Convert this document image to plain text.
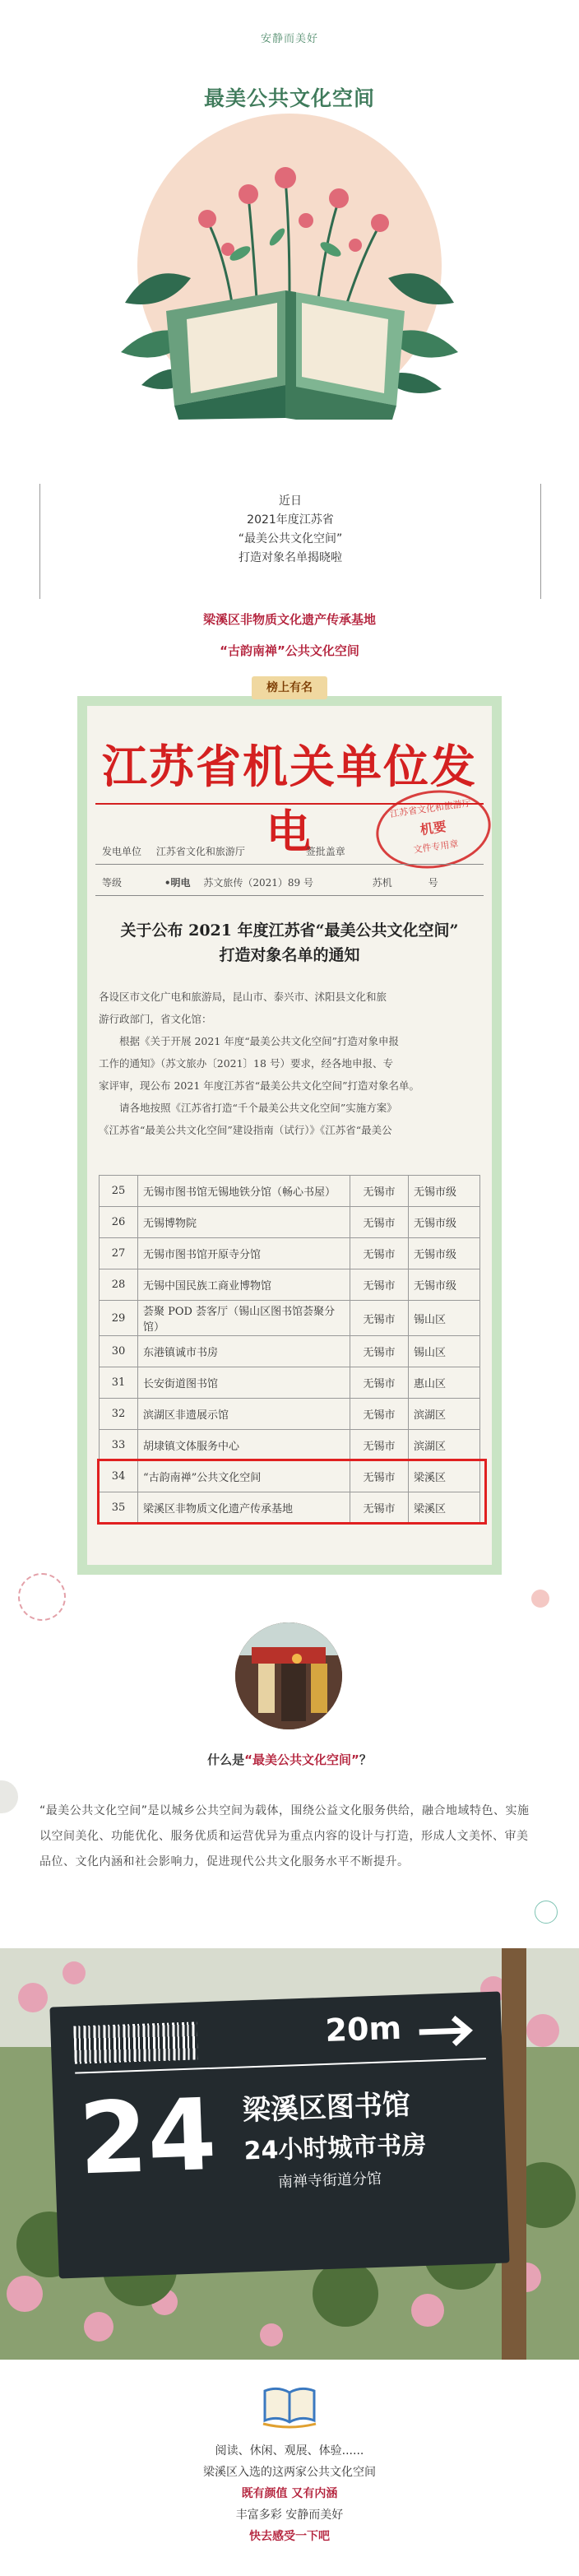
安静而美好
最美公共文化空间
近日
2021年度江苏省
“最美公共文化空间”
打造对象名单揭晓啦
梁溪区非物质文化遗产传承基地
“古韵南禅”公共文化空间
江苏省机关单位发电	江苏省文化和旅游厅
机要
文件专用章
发电单位 江苏省文化和旅游厅	签批盖章
等级	•明电 苏文旅传（2021）89 号	苏机	号
关于公布 2021 年度江苏省“最美公共文化空间”
打造对象名单的通知
各设区市文化广电和旅游局，昆山市、泰兴市、沭阳县文化和旅
游行政部门，省文化馆：
根据《关于开展 2021 年度“最美公共文化空间”打造对象申报
工作的通知》（苏文旅办〔2021〕18 号）要求，经各地申报、专
家评审，现公布 2021 年度江苏省“最美公共文化空间”打造对象名单。
请各地按照《江苏省打造“千个最美公共文化空间”实施方案》
《江苏省“最美公共文化空间”建设指南（试行）》《江苏省“最美公
25	无锡市图书馆无锡地铁分馆（畅心书屋）	无锡市	无锡市级
26	无锡博物院	无锡市	无锡市级
27	无锡市图书馆开原寺分馆	无锡市	无锡市级
28	无锡中国民族工商业博物馆	无锡市	无锡市级
29	荟聚 POD 荟客厅（锡山区图书馆荟聚分馆）	无锡市	锡山区
30	东港镇诚市书房	无锡市	锡山区
31	长安街道图书馆	无锡市	惠山区
32	滨湖区非遗展示馆	无锡市	滨湖区
33	胡埭镇文体服务中心	无锡市	滨湖区
34	“古韵南禅”公共文化空间	无锡市	梁溪区
35	梁溪区非物质文化遗产传承基地	无锡市	梁溪区
榜上有名
什么是“最美公共文化空间”？
“最美公共文化空间”是以城乡公共空间为载体，围绕公益文化服务供给，融合地域特色、实施以空间美化、功能优化、服务优质和运营优异为重点内容的设计与打造，形成人文美怀、审美品位、文化内涵和社会影响力，促进现代公共文化服务水平不断提升。
20m
24 梁溪区图书馆
24小时城市书房
南禅寺街道分馆
阅读、休闲、观展、体验......
梁溪区入选的这两家公共文化空间
既有颜值 又有内涵
丰富多彩 安静而美好
快去感受一下吧
